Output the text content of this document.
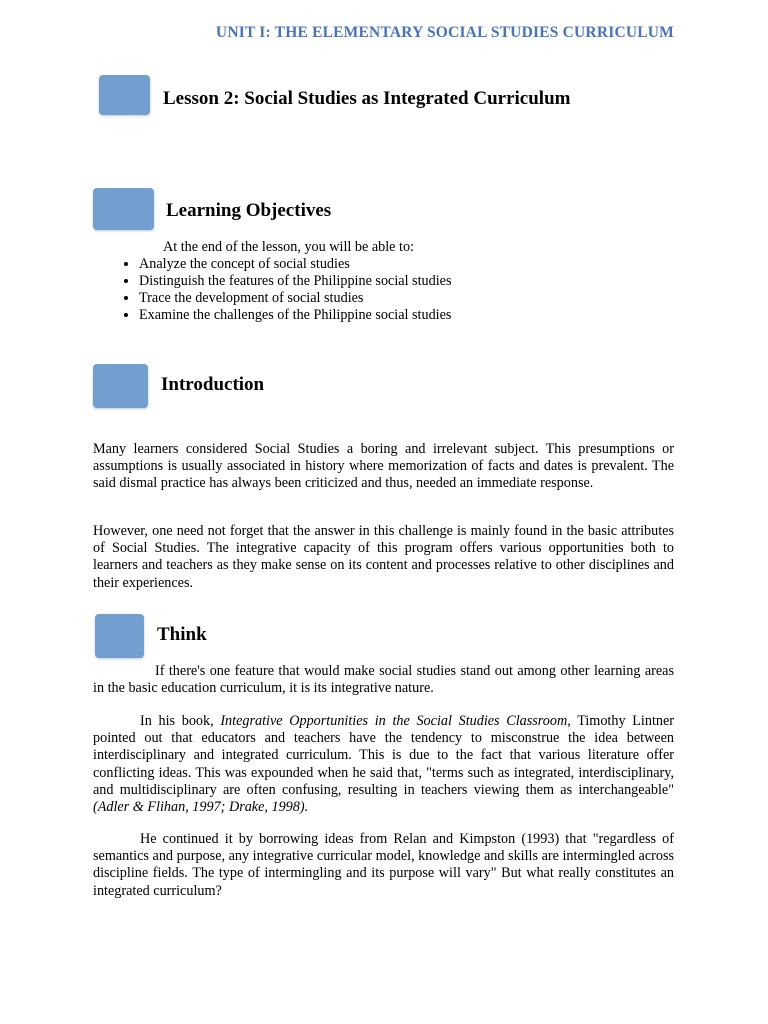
UNIT I: THE ELEMENTARY SOCIAL STUDIES CURRICULUM
Lesson 2: Social Studies as Integrated Curriculum
Learning Objectives
At the end of the lesson, you will be able to:
• Analyze the concept of social studies
• Distinguish the features of the Philippine social studies
• Trace the development of social studies
• Examine the challenges of the Philippine social studies
Introduction
Many learners considered Social Studies a boring and irrelevant subject. This presumptions or assumptions is usually associated in history where memorization of facts and dates is prevalent. The said dismal practice has always been criticized and thus, needed an immediate response.
However, one need not forget that the answer in this challenge is mainly found in the basic attributes of Social Studies. The integrative capacity of this program offers various opportunities both to learners and teachers as they make sense on its content and processes relative to other disciplines and their experiences.
Think
If there's one feature that would make social studies stand out among other learning areas in the basic education curriculum, it is its integrative nature.
In his book, Integrative Opportunities in the Social Studies Classroom, Timothy Lintner pointed out that educators and teachers have the tendency to misconstrue the idea between interdisciplinary and integrated curriculum. This is due to the fact that various literature offer conflicting ideas. This was expounded when he said that, "terms such as integrated, interdisciplinary, and multidisciplinary are often confusing, resulting in teachers viewing them as interchangeable" (Adler & Flihan, 1997; Drake, 1998).
He continued it by borrowing ideas from Relan and Kimpston (1993) that "regardless of semantics and purpose, any integrative curricular model, knowledge and skills are intermingled across discipline fields. The type of intermingling and its purpose will vary" But what really constitutes an integrated curriculum?
